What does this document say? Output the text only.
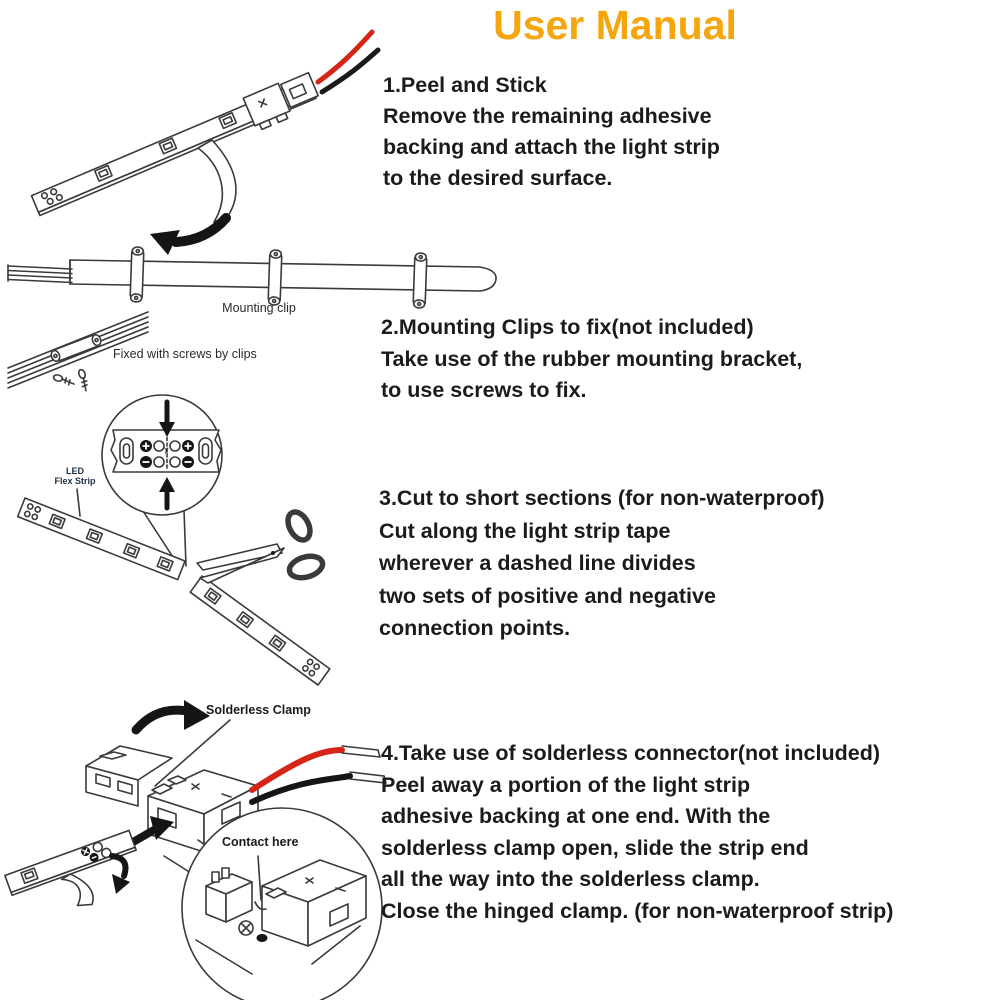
User Manual
Mounting clip
Fixed with screws by clips
✂
LED
Flex Strip
Solderless Clamp
Contact here
1.Peel and Stick
Remove the remaining adhesive
backing and attach the light strip
to the desired surface.
2.Mounting Clips to fix(not included)
Take use of the rubber mounting bracket,
to use screws to fix.
3.Cut to short sections (for non-waterproof)
Cut along the light strip tape
wherever a dashed line divides
two sets of positive and negative
connection points.
4.Take use of solderless connector(not included)
Peel away a portion of the light strip
adhesive backing at one end. With the
solderless clamp open, slide the strip end
all the way into the solderless clamp.
Close the hinged clamp. (for non-waterproof strip)
